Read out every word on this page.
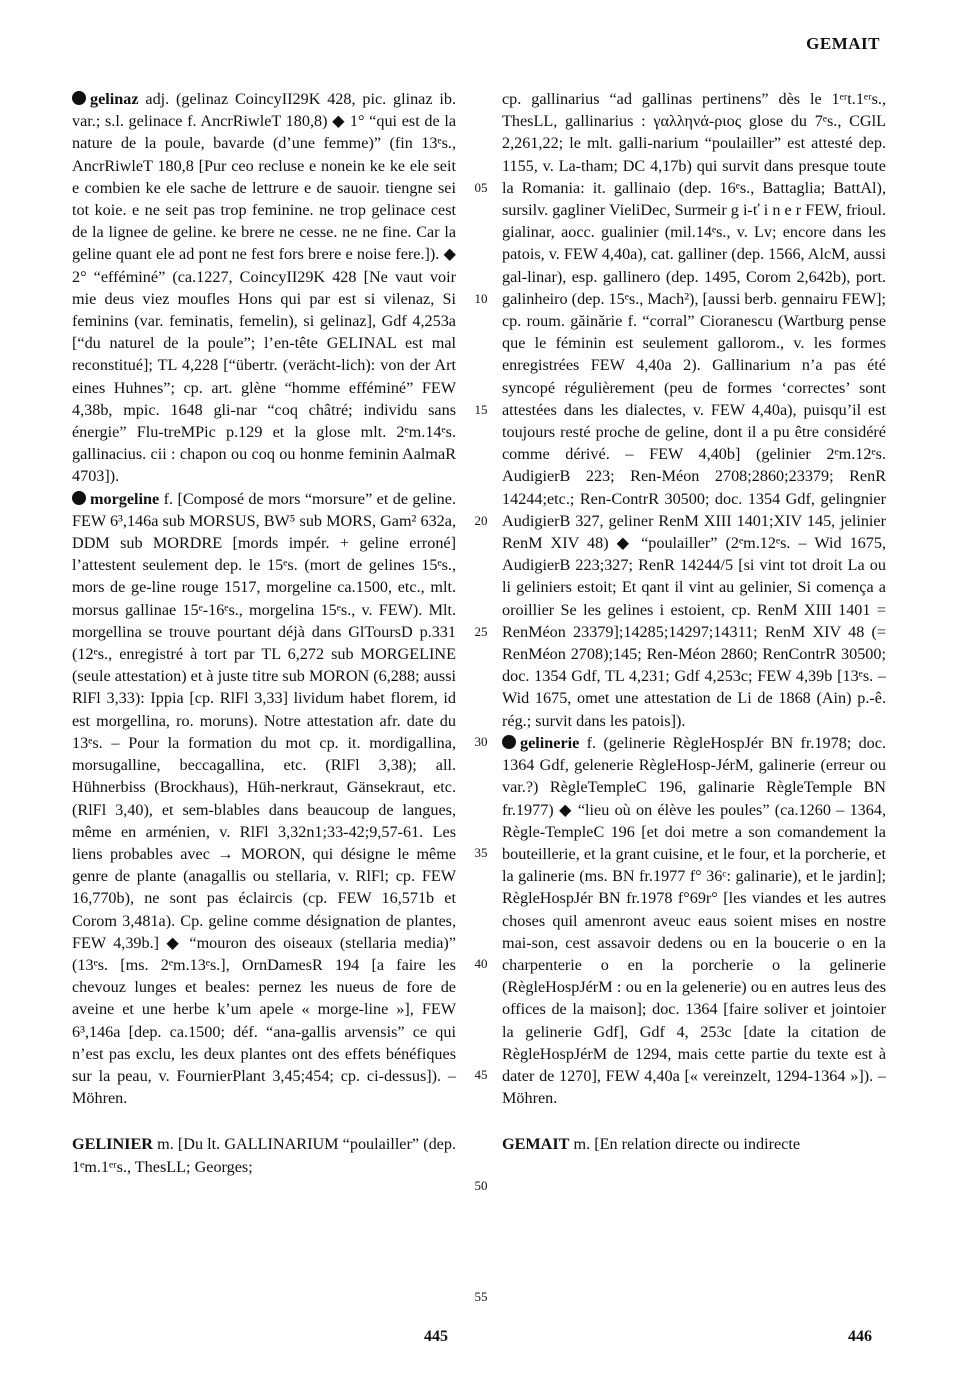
GEMAIT

gelinaz adj. (gelinaz CoincyII29K 428, pic. glinaz ib. var.; s.l. gelinace f. AncrRiwleT 180,8) ◆ 1° “qui est de la nature de la poule, bavarde (d’une femme)” (fin 13ᵉs., AncrRiwleT 180,8 [Pur ceo recluse e nonein ke ke ele seit e combien ke ele sache de lettrure e de sauoir. tiengne sei tot koie. e ne seit pas trop feminine. ne trop gelinace cest de la lignee de geline. ke brere ne cesse. ne ne fine. Car la geline quant ele ad pont ne fest fors brere e noise fere.]). ◆ 2° “efféminé” (ca.1227, CoincyII29K 428 [Ne vaut voir mie deus viez moufles Hons qui par est si vilenaz, Si feminins (var. feminatis, femelin), si gelinaz], Gdf 4,253a [“du naturel de la poule”; l’en-tête GELINAL est mal reconstitué]; TL 4,228 [“übertr. (verächt-lich): von der Art eines Huhnes”; cp. art. glène “homme efféminé” FEW 4,38b, mpic. 1648 gli-nar “coq châtré; individu sans énergie” Flu-treMPic p.129 et la glose mlt. 2ᵉm.14ᵉs. gallinacius. cii : chapon ou coq ou honme feminin AalmaR 4703]).

morgeline f. [Composé de mors “morsure” et de geline. FEW 6³,146a sub MORSUS, BW⁵ sub MORS, Gam² 632a, DDM sub MORDRE [mords impér. + geline erroné] l’attestent seulement dep. le 15ᵉs. (mort de gelines 15ᵉs., mors de ge-line rouge 1517, morgeline ca.1500, etc., mlt. morsus gallinae 15ᵉ-16ᵉs., morgelina 15ᵉs., v. FEW). Mlt. morgellina se trouve pourtant déjà dans GlToursD p.331 (12ᵉs., enregistré à tort par TL 6,272 sub MORGELINE (seule attestation) et à juste titre sub MORON (6,288; aussi RlFl 3,33): Ippia [cp. RlFl 3,33] lividum habet florem, id est morgellina, ro. moruns). Notre attestation afr. date du 13ᵉs. – Pour la formation du mot cp. it. mordigallina, morsugalline, beccagallina, etc. (RlFl 3,38); all. Hühnerbiss (Brockhaus), Hüh-nerkraut, Gänsekraut, etc. (RlFl 3,40), et sem-blables dans beaucoup de langues, même en arménien, v. RlFl 3,32n1;33-42;9,57-61. Les liens probables avec → MORON, qui désigne le même genre de plante (anagallis ou stellaria, v. RlFl; cp. FEW 16,770b), ne sont pas éclaircis (cp. FEW 16,571b et Corom 3,481a). Cp. geline comme désignation de plantes, FEW 4,39b.] ◆ “mouron des oiseaux (stellaria media)” (13ᵉs. [ms. 2ᵉm.13ᵉs.], OrnDamesR 194 [a faire les chevouz lunges et beales: pernez les nueus de fore de aveine et une herbe k’um apele « morge-line »], FEW 6³,146a [dep. ca.1500; déf. “ana-gallis arvensis” ce qui n’est pas exclu, les deux plantes ont des effets bénéfiques sur la peau, v. FournierPlant 3,45;454; cp. ci-dessus]). – Möhren.

GELINIER m. [Du lt. GALLINARIUM “poulailler” (dep. 1ᵉm.1ᵉʳs., ThesLL; Georges;

05
10
15
20
25
30
35
40
45
50
55

cp. gallinarius “ad gallinas pertinens” dès le 1ᵉʳt.1ᵉʳs., ThesLL, gallinarius : γαλληνά-ριος glose du 7ᵉs., CGlL 2,261,22; le mlt. galli-narium “poulailler” est attesté dep. 1155, v. La-tham; DC 4,17b) qui survit dans presque toute la Romania: it. gallinaio (dep. 16ᵉs., Battaglia; BattAl), sursilv. gagliner VieliDec, Surmeir g i-ť i n e r FEW, frioul. gialinar, aocc. gualinier (mil.14ᵉs., v. Lv; encore dans les patois, v. FEW 4,40a), cat. galliner (dep. 1566, AlcM, aussi gal-linar), esp. gallinero (dep. 1495, Corom 2,642b), port. galinheiro (dep. 15ᵉs., Mach²), [aussi berb. gennairu FEW]; cp. roum. găinărie f. “corral” Cioranescu (Wartburg pense que le féminin est seulement gallorom., v. les formes enregistrées FEW 4,40a 2). Gallinarium n’a pas été syncopé régulièrement (peu de formes ‘correctes’ sont attestées dans les dialectes, v. FEW 4,40a), puisqu’il est toujours resté proche de geline, dont il a pu être considéré comme dérivé. – FEW 4,40b] (gelinier 2ᵉm.12ᵉs. AudigierB 223; Ren-Méon 2708;2860;23379; RenR 14244;etc.; Ren-ContrR 30500; doc. 1354 Gdf, gelingnier AudigierB 327, geliner RenM XIII 1401;XIV 145, jelinier RenM XIV 48) ◆ “poulailler” (2ᵉm.12ᵉs. – Wid 1675, AudigierB 223;327; RenR 14244/5 [si vint tot droit La ou li geliniers estoit; Et qant il vint au gelinier, Si comença a oroillier Se les gelines i estoient, cp. RenM XIII 1401 = RenMéon 23379];14285;14297;14311; RenM XIV 48 (= RenMéon 2708);145; Ren-Méon 2860; RenContrR 30500; doc. 1354 Gdf, TL 4,231; Gdf 4,253c; FEW 4,39b [13ᵉs. – Wid 1675, omet une attestation de Li de 1868 (Ain) p.-ê. rég.; survit dans les patois]).

gelinerie f. (gelinerie RègleHospJér BN fr.1978; doc. 1364 Gdf, gelenerie RègleHosp-JérM, galinerie (erreur ou var.?) RègleTempleC 196, galinarie RègleTemple BN fr.1977) ◆ “lieu où on élève les poules” (ca.1260 – 1364, Règle-TempleC 196 [et doi metre a son comandement la bouteillerie, et la grant cuisine, et le four, et la porcherie, et la galinerie (ms. BN fr.1977 f° 36ᶜ: galinarie), et le jardin]; RègleHospJér BN fr.1978 f°69r° [les viandes et les autres choses quil amenront aveuc eaus soient mises en nostre mai-son, cest assavoir dedens ou en la boucerie o en la charpenterie o en la porcherie o la gelinerie (RègleHospJérM : ou en la gelenerie) ou en autres leus des offices de la maison]; doc. 1364 [faire soliver et jointoier la gelinerie Gdf], Gdf 4, 253c [date la citation de RègleHospJérM de 1294, mais cette partie du texte est à dater de 1270], FEW 4,40a [« vereinzelt, 1294-1364 »]). – Möhren.

GEMAIT m. [En relation directe ou indirecte

445	446
